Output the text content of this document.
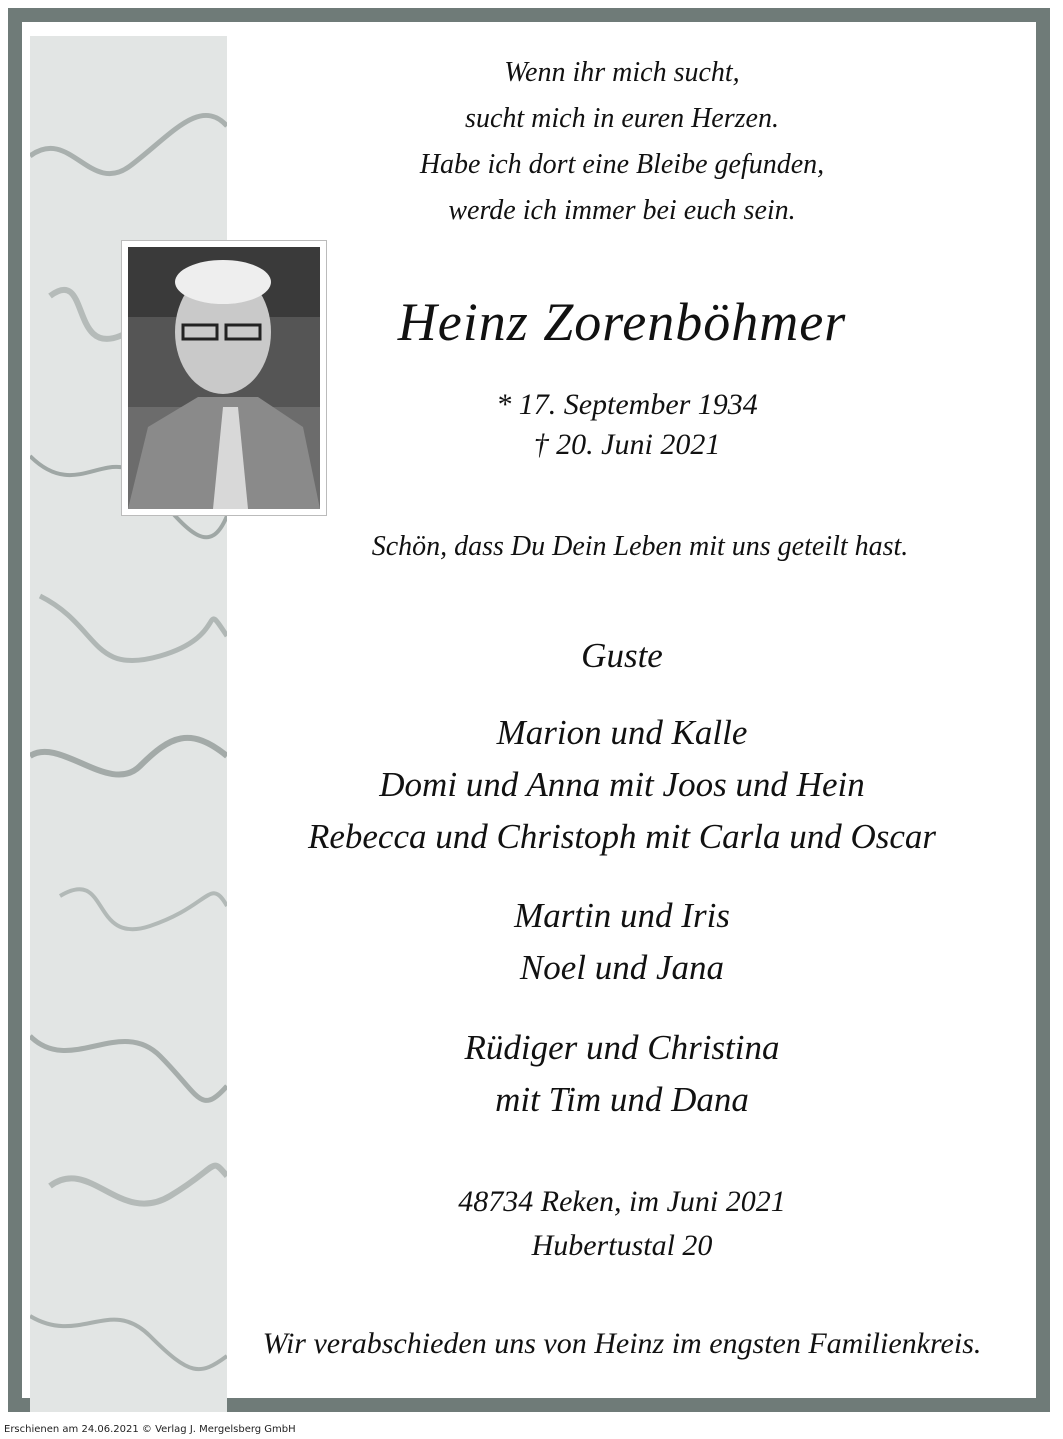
Wenn ihr mich sucht,
sucht mich in euren Herzen.
Habe ich dort eine Bleibe gefunden,
werde ich immer bei euch sein.
Heinz Zorenböhmer
* 17. September 1934
† 20. Juni 2021
Schön, dass Du Dein Leben mit uns geteilt hast.
Guste
Marion und Kalle
Domi und Anna mit Joos und Hein
Rebecca und Christoph mit Carla und Oscar
Martin und Iris
Noel und Jana
Rüdiger und Christina
mit Tim und Dana
48734 Reken, im Juni 2021
Hubertustal 20
Wir verabschieden uns von Heinz im engsten Familienkreis.
Erschienen am 24.06.2021 © Verlag J. Mergelsberg GmbH
